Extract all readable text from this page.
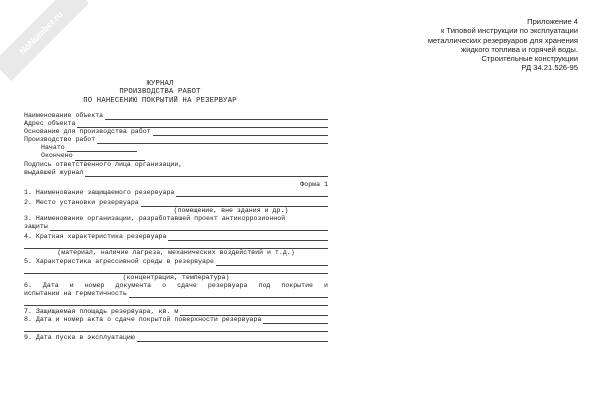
NoNumber.ru	Приложение 4
к Типовой инструкции по эксплуатации
металлических резервуаров для хранения
жидкого топлива и горячей воды.
Строительные конструкции
РД 34.21.526-95
ЖУРНАЛ
ПРОИЗВОДСТВА РАБОТ
ПО НАНЕСЕНИЮ ПОКРЫТИЙ НА РЕЗЕРВУАР
Наименование объекта
Адрес объекта
Основание для производства работ
Производство работ
Начато
Окончено
Подпись ответственного лица организации,
выдавшей журнал
Форма 1
1. Наименование защищаемого резервуара
2. Место установки резервуара
(помещение, вне здания и др.)
3. Наименование организации, разработавшей проект антикоррозионной
защиты
4. Краткая характеристика резервуара
(материал, наличие лагреза, механических воздействий и т.д.)
5. Характеристика агрессивной среды в резервуаре
(концентрация, температура)
6. Дата и номер документа о сдаче резервуара под покрытие и
испытании на герметичность
7. Защищаемая площадь резервуара, кв. м
8. Дата и номер акта о сдаче покрытой поверхности резервуара
9. Дата пуска в эксплуатацию
